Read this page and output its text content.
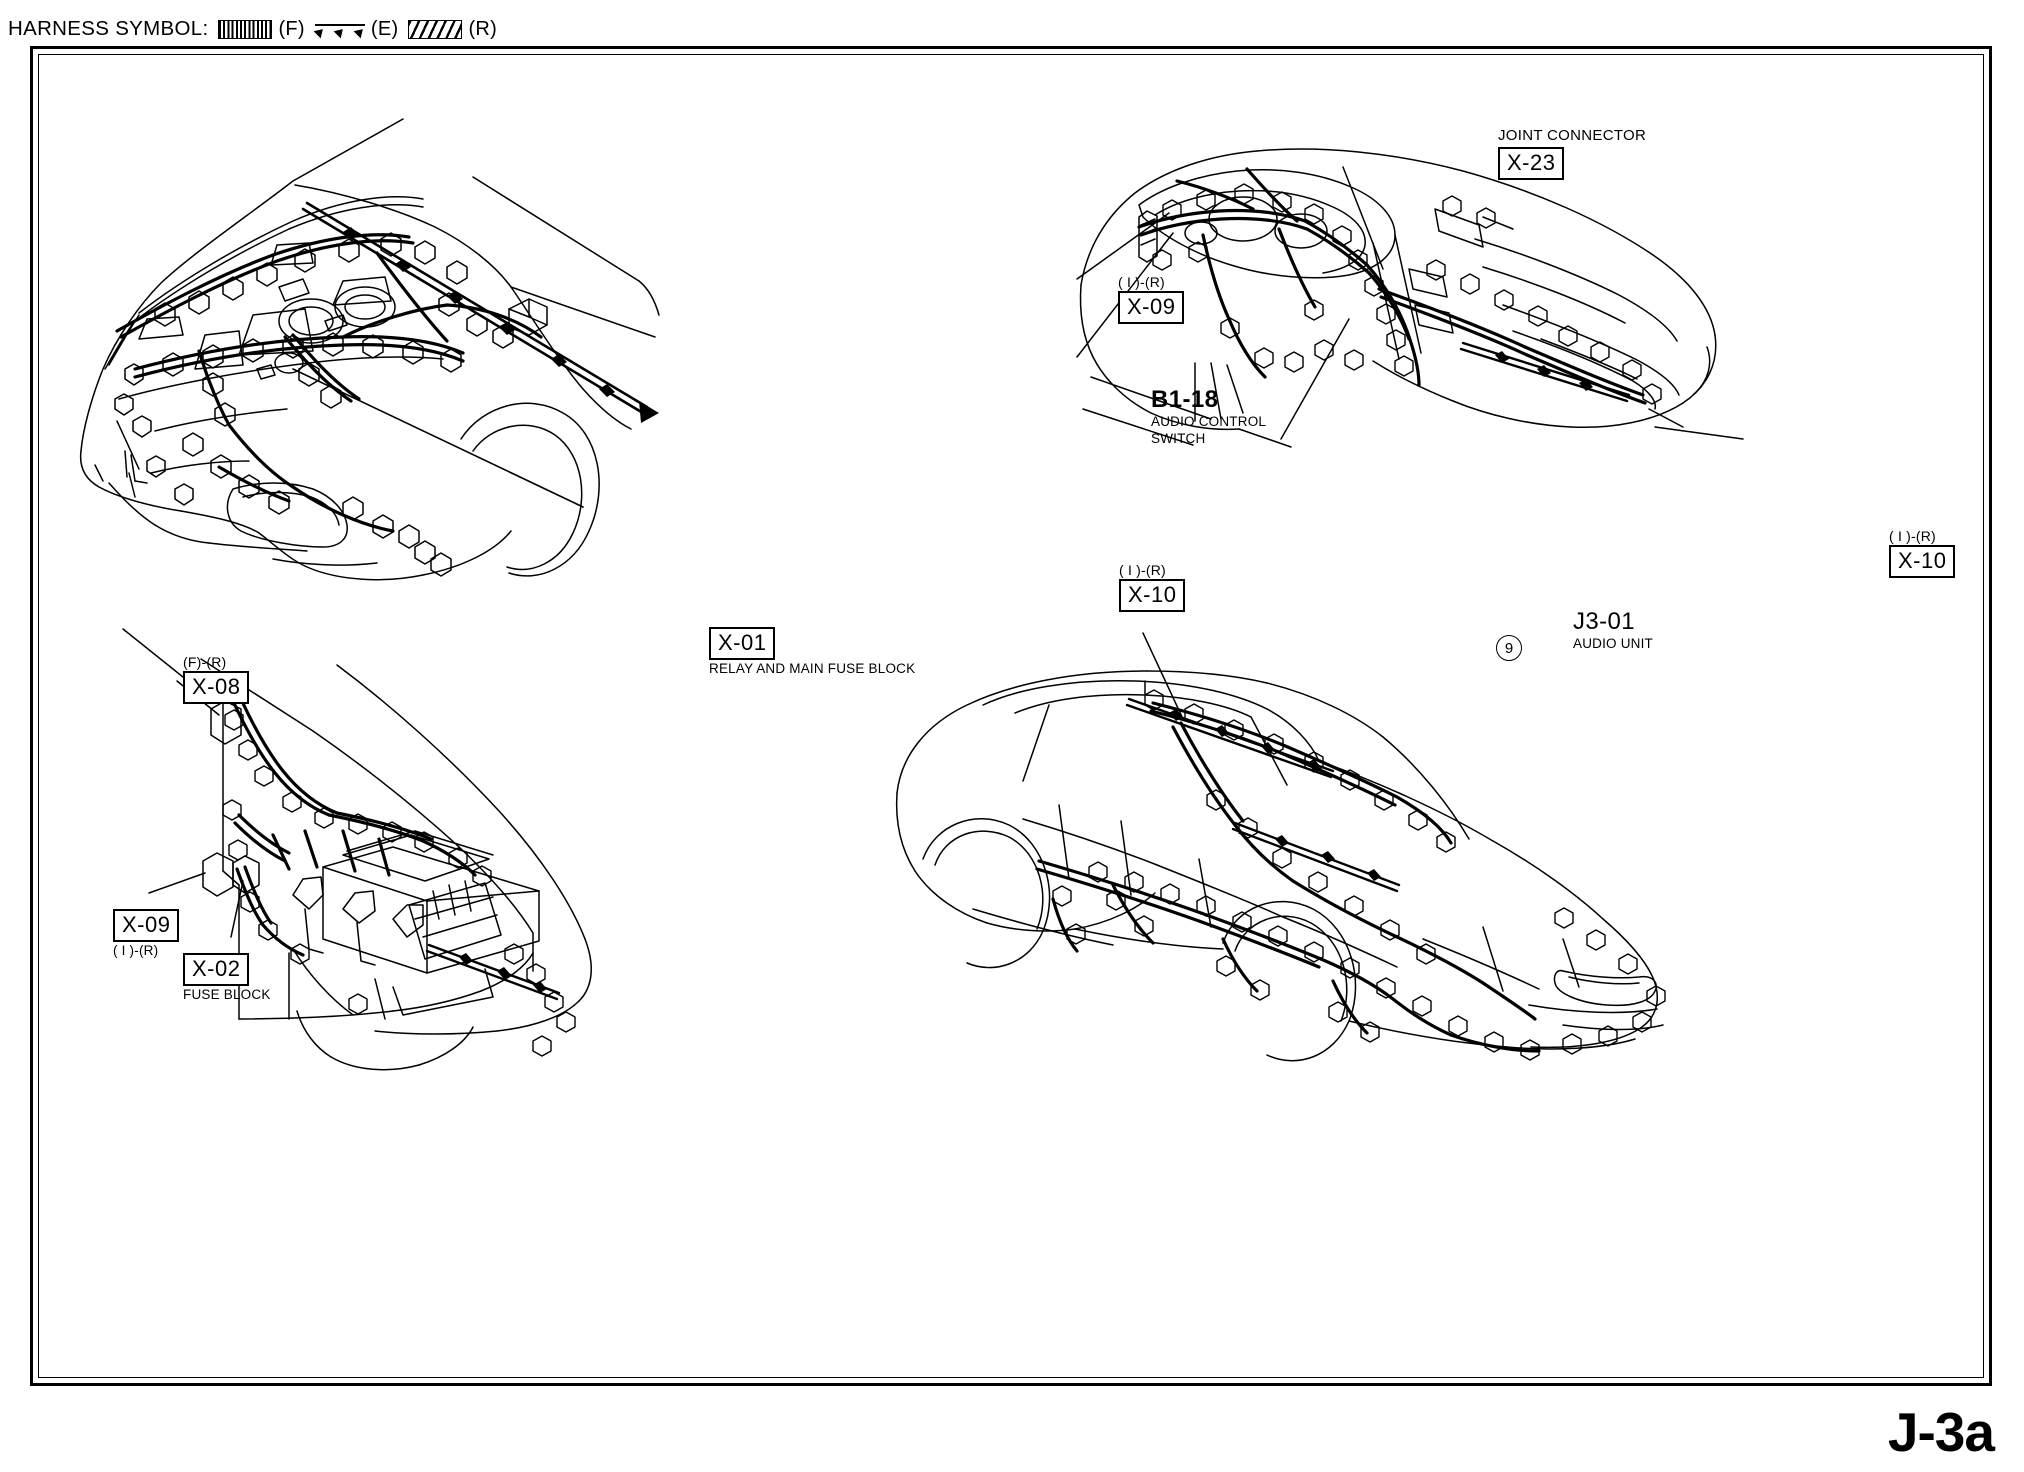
HARNESS SYMBOL:	(F)	(E)	(R)
X-01
RELAY AND MAIN FUSE BLOCK
JOINT CONNECTOR
X-23
( I )-(R)
X-09
B1-18
AUDIO CONTROL
SWITCH
J3-01
AUDIO UNIT
( I )-(R)
X-10
9
(F)-(R)
X-08
X-09
( I )-(R)
X-02
FUSE BLOCK
( I )-(R)
X-10
J-3a
